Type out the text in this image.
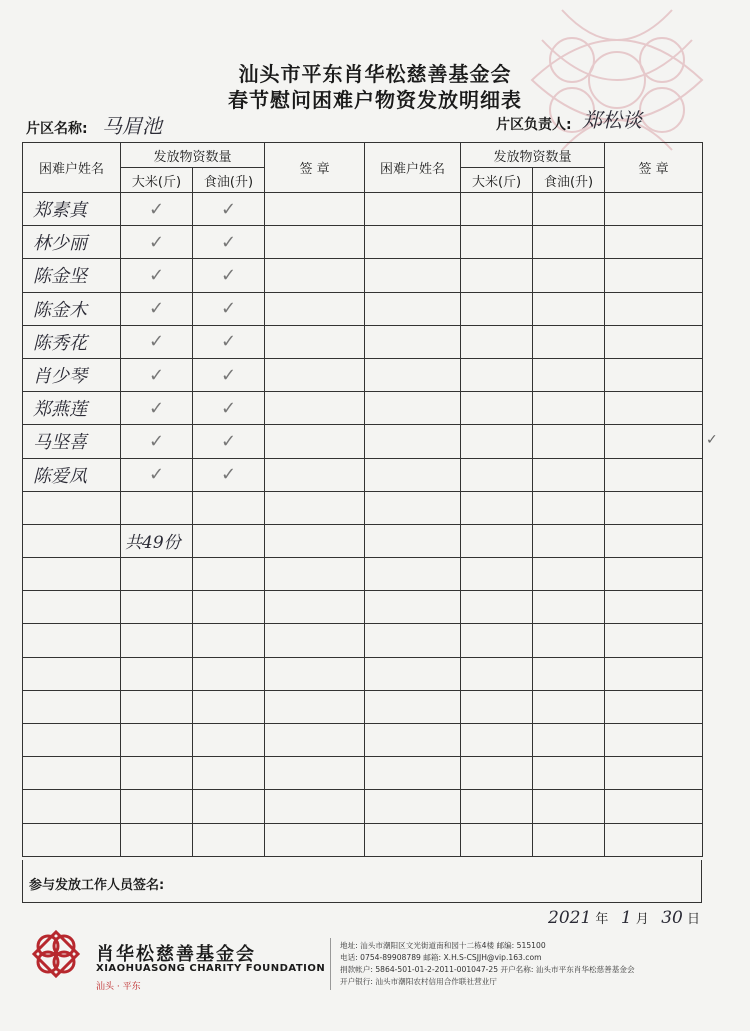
汕头市平东肖华松慈善基金会
春节慰问困难户物资发放明细表
片区名称: 马眉池	片区负责人: 郑松谈
困难户姓名	发放物资数量		签 章	困难户姓名	发放物资数量		签 章
	大米(斤)	食油(升)			大米(斤)	食油(升)	
郑素真	✓	✓					
林少丽	✓	✓					
陈金坚	✓	✓					
陈金木	✓	✓					
陈秀花	✓	✓					
肖少琴	✓	✓					
郑燕莲	✓	✓					
马坚喜	✓	✓					
陈爱凤	✓	✓					

	共49份						

参与发放工作人员签名:
✓
2021 年 1 月 30 日
肖华松慈善基金会
XIAOHUASONG CHARITY FOUNDATION
汕头 · 平东
地址: 汕头市潮阳区文光街道南和园十二栋4楼 邮编: 515100
电话: 0754-89908789 邮箱: X.H.S-CSJJH@vip.163.com
捐款帐户: 5864-501-01-2-2011-001047-25 开户名称: 汕头市平东肖华松慈善基金会
开户银行: 汕头市潮阳农村信用合作联社营业厅
